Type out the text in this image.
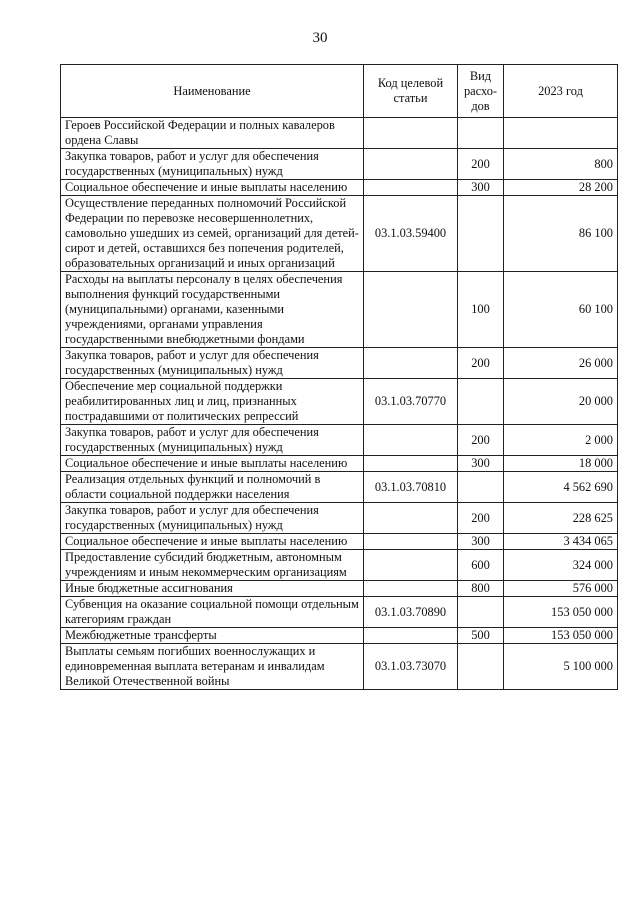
30
Наименование	Код целевой статьи	Вид расхо-дов	2023 год
Героев Российской Федерации и полных кавалеров ордена Славы			
Закупка товаров, работ и услуг для обеспечения государственных (муниципальных) нужд		200	800
Социальное обеспечение и иные выплаты населению		300	28 200
Осуществление переданных полномочий Российской Федерации по перевозке несовершеннолетних, самовольно ушедших из семей, организаций для детей-сирот и детей, оставшихся без попечения родителей, образовательных организаций и иных организаций	03.1.03.59400		86 100
Расходы на выплаты персоналу в целях обеспечения выполнения функций государственными (муниципальными) органами, казенными учреждениями, органами управления государственными внебюджетными фондами		100	60 100
Закупка товаров, работ и услуг для обеспечения государственных (муниципальных) нужд		200	26 000
Обеспечение мер социальной поддержки реабилитированных лиц и лиц, признанных пострадавшими от политических репрессий	03.1.03.70770		20 000
Закупка товаров, работ и услуг для обеспечения государственных (муниципальных) нужд		200	2 000
Социальное обеспечение и иные выплаты населению		300	18 000
Реализация отдельных функций и полномочий в области социальной поддержки населения	03.1.03.70810		4 562 690
Закупка товаров, работ и услуг для обеспечения государственных (муниципальных) нужд		200	228 625
Социальное обеспечение и иные выплаты населению		300	3 434 065
Предоставление субсидий бюджетным, автономным учреждениям и иным некоммерческим организациям		600	324 000
Иные бюджетные ассигнования		800	576 000
Субвенция на оказание социальной помощи отдельным категориям граждан	03.1.03.70890		153 050 000
Межбюджетные трансферты		500	153 050 000
Выплаты семьям погибших военнослужащих и единовременная выплата ветеранам и инвалидам Великой Отечественной войны	03.1.03.73070		5 100 000
